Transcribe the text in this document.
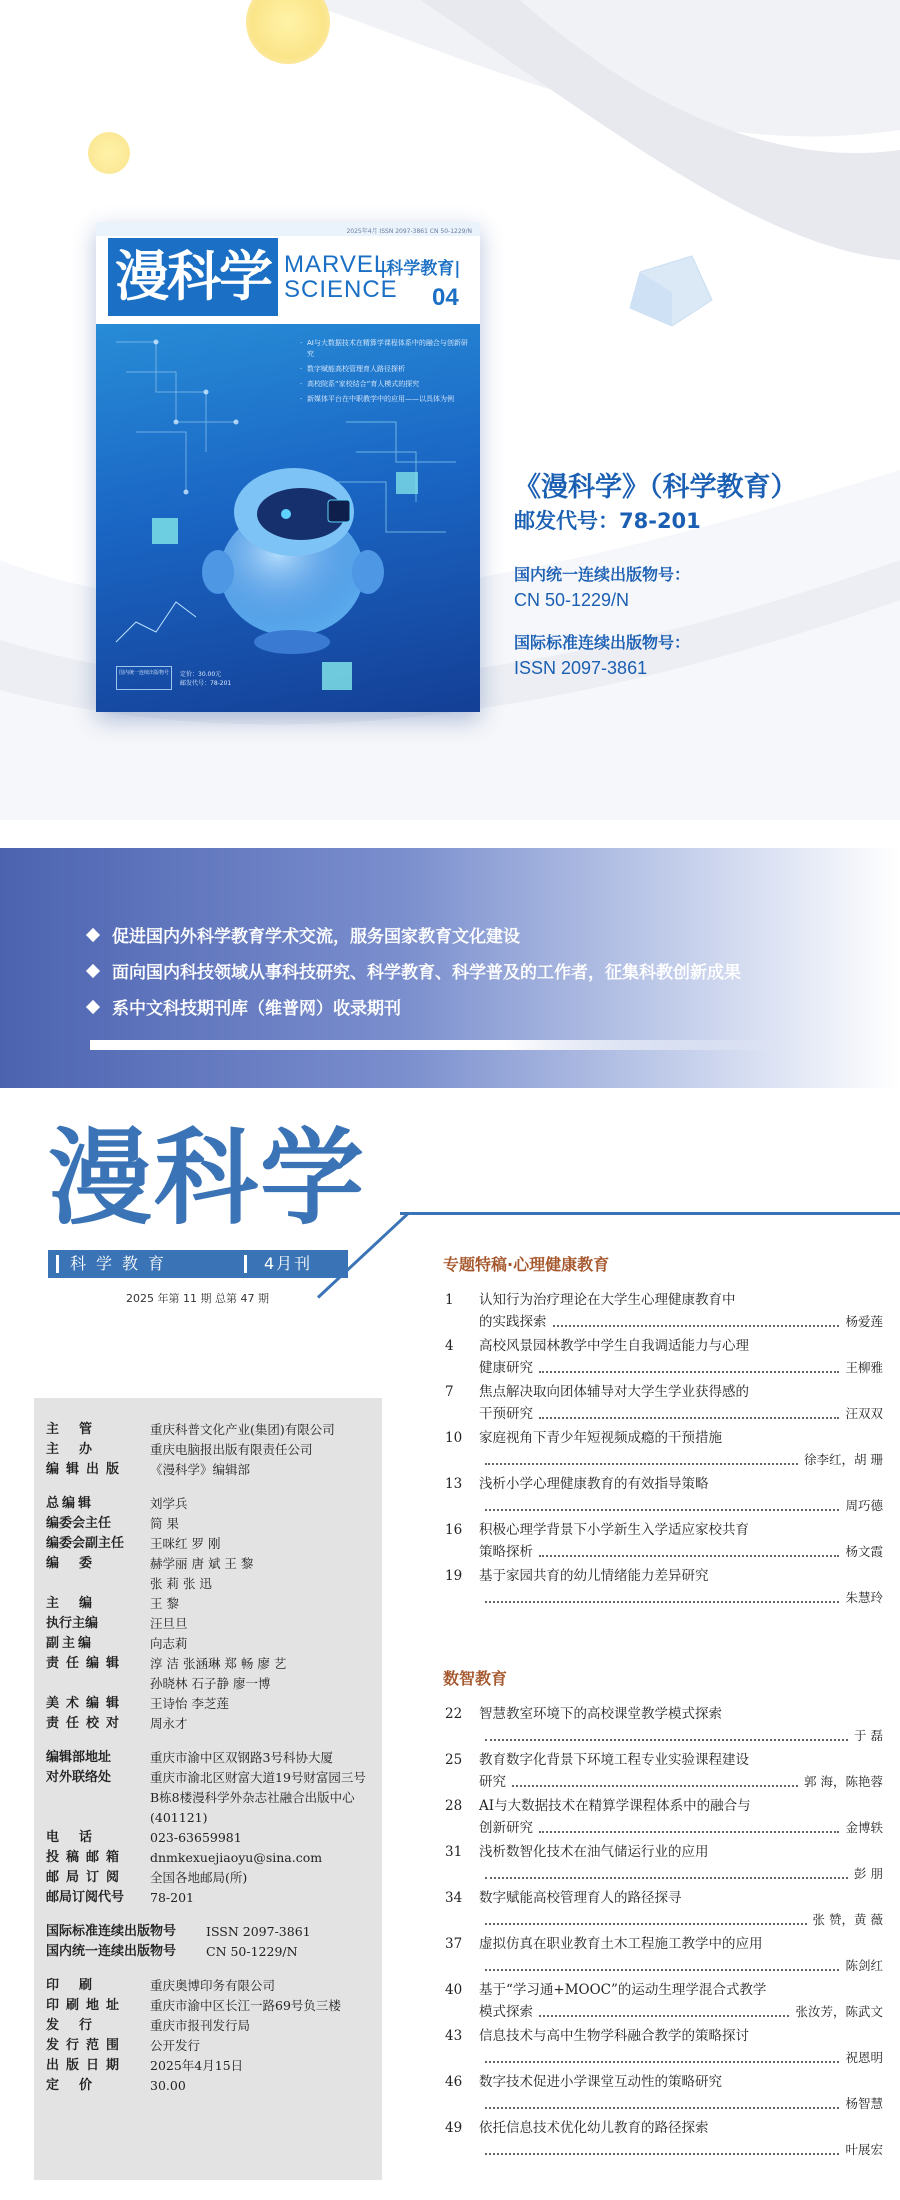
2025年4月 ISSN 2097-3861 CN 50-1229/N
漫科学 MARVEL
SCIENCE
|科学教育|
04
· AI与大数据技术在精算学课程体系中的融合与创新研究
· 数字赋能高校管理育人路径探析
· 高校院系“家校结合”育人模式的探究
· 新媒体平台在中职教学中的应用——以具体为例
国内统一连续出版物号	定价：30.00元
邮发代号：78-201
《漫科学》（科学教育）
邮发代号：78-201
国内统一连续出版物号：
CN 50-1229/N
国际标准连续出版物号：
ISSN 2097-3861
促进国内外科学教育学术交流，服务国家教育文化建设
面向国内科技领域从事科技研究、科学教育、科学普及的工作者，征集科教创新成果
系中文科技期刊库（维普网）收录期刊
漫科学
科学教育	4月刊
2025 年第 11 期 总第 47 期
主管	重庆科普文化产业(集团)有限公司
主办	重庆电脑报出版有限责任公司
编辑出版	《漫科学》编辑部
总编辑	刘学兵
编委会主任	简 果
编委会副主任	王咪红 罗 刚
编委	赫学丽 唐 斌 王 黎
张 莉 张 迅
主编	王 黎
执行主编	汪旦旦
副主编	向志莉
责任编辑	淳 洁 张涵琳 郑 畅 廖 艺
孙晓林 石子静 廖一博
美术编辑	王诗怡 李芝莲
责任校对	周永才
编辑部地址	重庆市渝中区双钢路3号科协大厦
对外联络处	重庆市渝北区财富大道19号财富园三号B栋8楼漫科学外杂志社融合出版中心(401121)
电话	023-63659981
投稿邮箱	dnmkexuejiaoyu@sina.com
邮局订阅	全国各地邮局(所)
邮局订阅代号	78-201
国际标准连续出版物号	ISSN 2097-3861
国内统一连续出版物号	CN 50-1229/N
印刷	重庆奥博印务有限公司
印刷地址	重庆市渝中区长江一路69号负三楼
发行	重庆市报刊发行局
发行范围	公开发行
出版日期	2025年4月15日
定价	30.00
专题特稿·心理健康教育
1	认知行为治疗理论在大学生心理健康教育中
的实践探索	杨爱莲
4	高校风景园林教学中学生自我调适能力与心理
健康研究	王柳雅
7	焦点解决取向团体辅导对大学生学业获得感的
干预研究	汪双双
10	家庭视角下青少年短视频成瘾的干预措施
徐李红，胡 珊
13	浅析小学心理健康教育的有效指导策略
周巧德
16	积极心理学背景下小学新生入学适应家校共育
策略探析	杨文霞
19	基于家园共育的幼儿情绪能力差异研究
朱慧玲
数智教育
22	智慧教室环境下的高校课堂教学模式探索
于 磊
25	教育数字化背景下环境工程专业实验课程建设
研究	郭 海，陈艳蓉
28	AI与大数据技术在精算学课程体系中的融合与
创新研究	金博轶
31	浅析数智化技术在油气储运行业的应用
彭 朋
34	数字赋能高校管理育人的路径探寻
张 赞，黄 薇
37	虚拟仿真在职业教育土木工程施工教学中的应用
陈剑红
40	基于“学习通+MOOC”的运动生理学混合式教学
模式探索	张汝芳，陈武文
43	信息技术与高中生物学科融合教学的策略探讨
祝恩明
46	数字技术促进小学课堂互动性的策略研究
杨智慧
49	依托信息技术优化幼儿教育的路径探索
叶展宏
